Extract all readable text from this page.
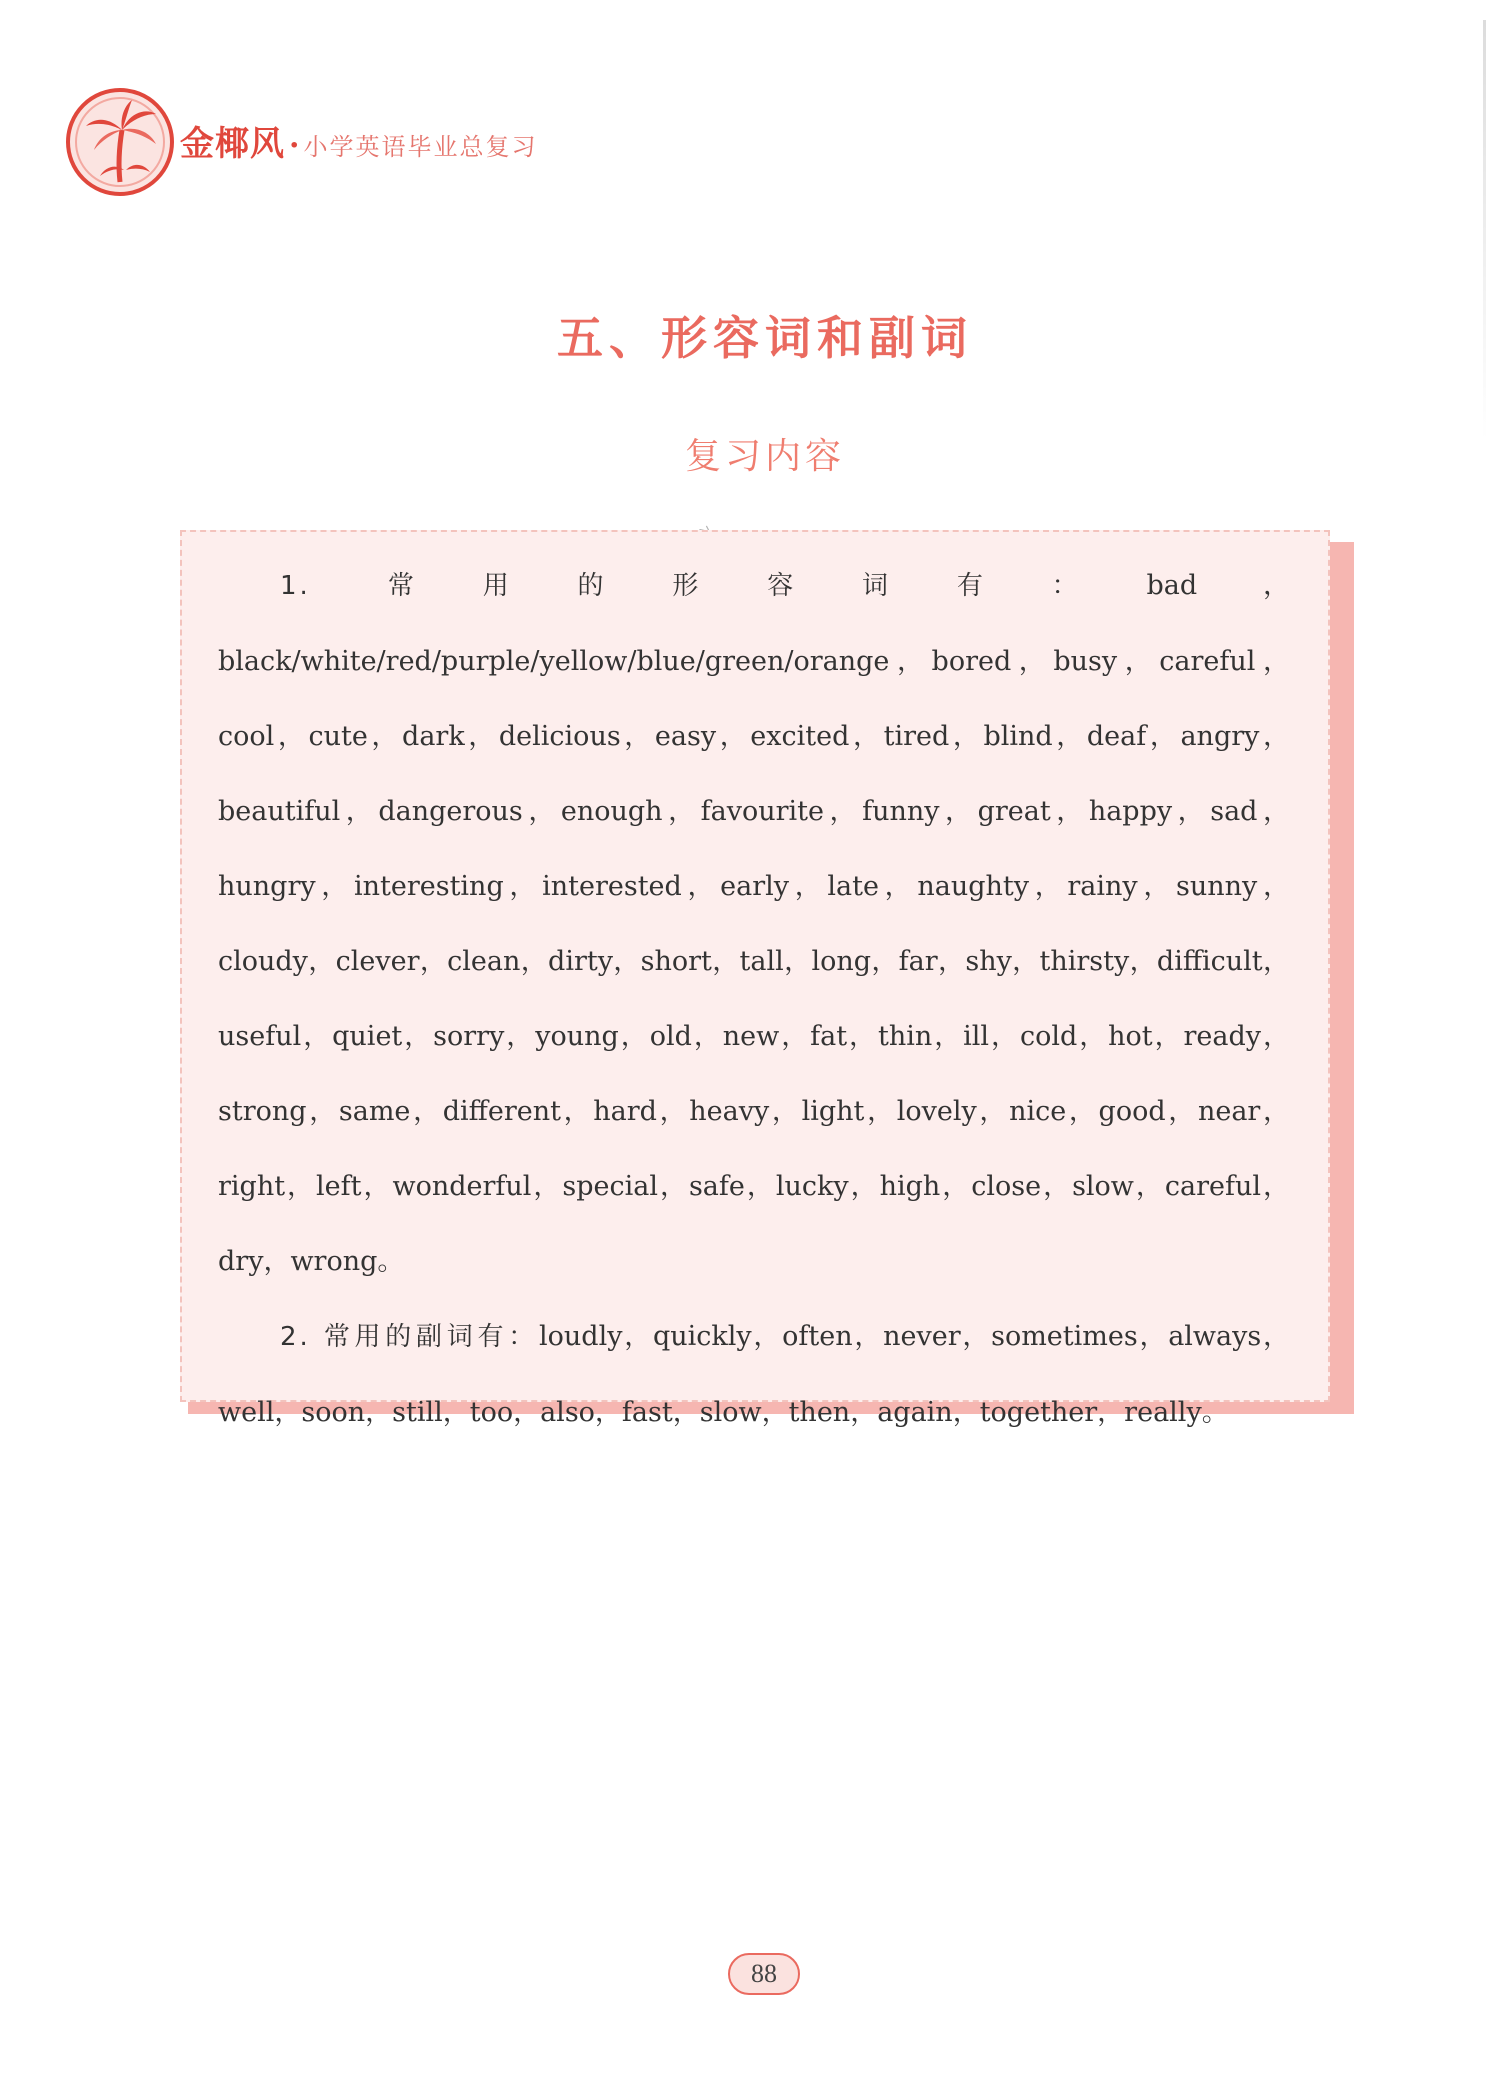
金椰风 · 小学英语毕业总复习
五、形容词和副词
复习内容

1. 常用的形容词有：bad，black/white/red/purple/yellow/blue/green/orange，bored，busy，careful，cool，cute，dark，delicious，easy，excited，tired，blind，deaf，angry，beautiful，dangerous，enough，favourite，funny，great，happy，sad，hungry，interesting，interested，early，late，naughty，rainy，sunny，cloudy，clever，clean，dirty，short，tall，long，far，shy，thirsty，difficult，useful，quiet，sorry，young，old，new，fat，thin，ill，cold，hot，ready，strong，same，different，hard，heavy，light，lovely，nice，good，near，right，left，wonderful，special，safe，lucky，high，close，slow，careful，dry，wrong。

2. 常用的副词有：loudly，quickly，often，never，sometimes，always，well，soon，still，too，also，fast，slow，then，again，together，really。

88
